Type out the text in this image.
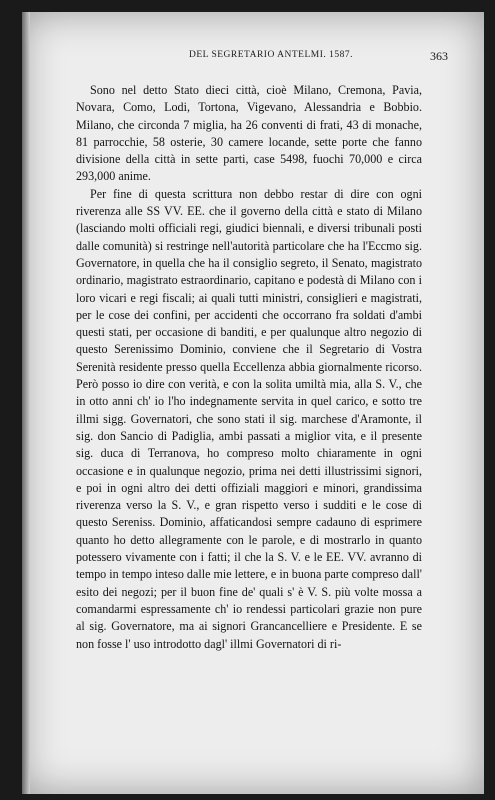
DEL SEGRETARIO ANTELMI. 1587.	363

Sono nel detto Stato dieci città, cioè Milano, Cremona, Pavia, Novara, Como, Lodi, Tortona, Vigevano, Alessandria e Bobbio. Milano, che circonda 7 miglia, ha 26 conventi di frati, 43 di monache, 81 parrocchie, 58 osterie, 30 camere locande, sette porte che fanno divisione della città in sette parti, case 5498, fuochi 70,000 e circa 293,000 anime.

Per fine di questa scrittura non debbo restar di dire con ogni riverenza alle SS VV. EE. che il governo della città e stato di Milano (lasciando molti officiali regi, giudici biennali, e diversi tribunali posti dalle comunità) si restringe nell'autorità particolare che ha l'Eccmo sig. Governatore, in quella che ha il consiglio segreto, il Senato, magistrato ordinario, magistrato estraordinario, capitano e podestà di Milano con i loro vicari e regi fiscali; ai quali tutti ministri, consiglieri e magistrati, per le cose dei confini, per accidenti che occorrano fra soldati d'ambi questi stati, per occasione di banditi, e per qualunque altro negozio di questo Serenissimo Dominio, conviene che il Segretario di Vostra Serenità residente presso quella Eccellenza abbia giornalmente ricorso. Però posso io dire con verità, e con la solita umiltà mia, alla S. V., che in otto anni ch' io l'ho indegnamente servita in quel carico, e sotto tre illmi sigg. Governatori, che sono stati il sig. marchese d'Aramonte, il sig. don Sancio di Padiglia, ambi passati a miglior vita, e il presente sig. duca di Terranova, ho compreso molto chiaramente in ogni occasione e in qualunque negozio, prima nei detti illustrissimi signori, e poi in ogni altro dei detti offiziali maggiori e minori, grandissima riverenza verso la S. V., e gran rispetto verso i sudditi e le cose di questo Sereniss. Dominio, affaticandosi sempre cadauno di esprimere quanto ho detto allegramente con le parole, e di mostrarlo in quanto potessero vivamente con i fatti; il che la S. V. e le EE. VV. avranno di tempo in tempo inteso dalle mie lettere, e in buona parte compreso dall' esito dei negozi; per il buon fine de' quali s' è V. S. più volte mossa a comandarmi espressamente ch' io rendessi particolari grazie non pure al sig. Governatore, ma ai signori Grancancelliere e Presidente. E se non fosse l' uso introdotto dagl' illmi Governatori di ri-
